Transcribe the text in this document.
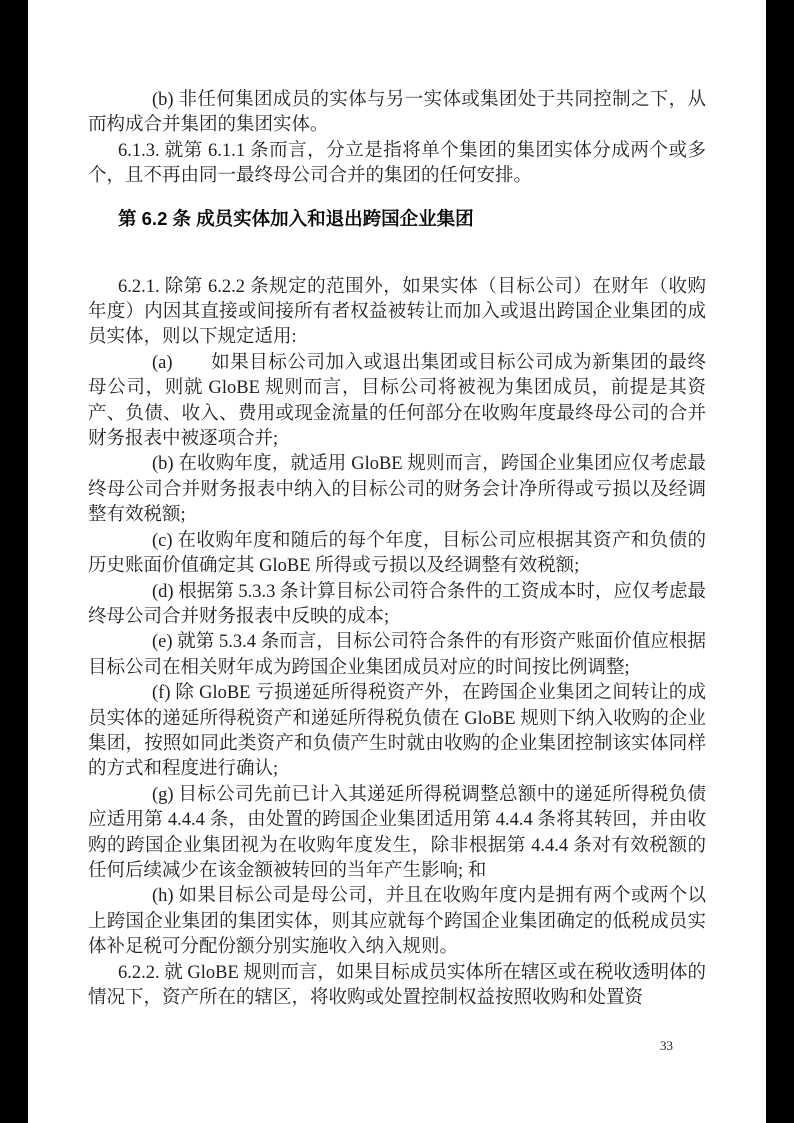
(b) 非任何集团成员的实体与另一实体或集团处于共同控制之下，从而构成合并集团的集团实体。

6.1.3. 就第 6.1.1 条而言，分立是指将单个集团的集团实体分成两个或多个，且不再由同一最终母公司合并的集团的任何安排。

第 6.2 条 成员实体加入和退出跨国企业集团

6.2.1. 除第 6.2.2 条规定的范围外，如果实体（目标公司）在财年（收购年度）内因其直接或间接所有者权益被转让而加入或退出跨国企业集团的成员实体，则以下规定适用:

(a)　　如果目标公司加入或退出集团或目标公司成为新集团的最终母公司，则就 GloBE 规则而言，目标公司将被视为集团成员，前提是其资产、负债、收入、费用或现金流量的任何部分在收购年度最终母公司的合并财务报表中被逐项合并;

(b) 在收购年度，就适用 GloBE 规则而言，跨国企业集团应仅考虑最终母公司合并财务报表中纳入的目标公司的财务会计净所得或亏损以及经调整有效税额;

(c) 在收购年度和随后的每个年度，目标公司应根据其资产和负债的历史账面价值确定其 GloBE 所得或亏损以及经调整有效税额;

(d) 根据第 5.3.3 条计算目标公司符合条件的工资成本时，应仅考虑最终母公司合并财务报表中反映的成本;

(e) 就第 5.3.4 条而言，目标公司符合条件的有形资产账面价值应根据目标公司在相关财年成为跨国企业集团成员对应的时间按比例调整;

(f) 除 GloBE 亏损递延所得税资产外，在跨国企业集团之间转让的成员实体的递延所得税资产和递延所得税负债在 GloBE 规则下纳入收购的企业集团，按照如同此类资产和负债产生时就由收购的企业集团控制该实体同样的方式和程度进行确认;

(g) 目标公司先前已计入其递延所得税调整总额中的递延所得税负债应适用第 4.4.4 条，由处置的跨国企业集团适用第 4.4.4 条将其转回，并由收购的跨国企业集团视为在收购年度发生，除非根据第 4.4.4 条对有效税额的任何后续减少在该金额被转回的当年产生影响; 和

(h) 如果目标公司是母公司，并且在收购年度内是拥有两个或两个以上跨国企业集团的集团实体，则其应就每个跨国企业集团确定的低税成员实体补足税可分配份额分别实施收入纳入规则。

6.2.2. 就 GloBE 规则而言，如果目标成员实体所在辖区或在税收透明体的情况下，资产所在的辖区，将收购或处置控制权益按照收购和处置资

33
